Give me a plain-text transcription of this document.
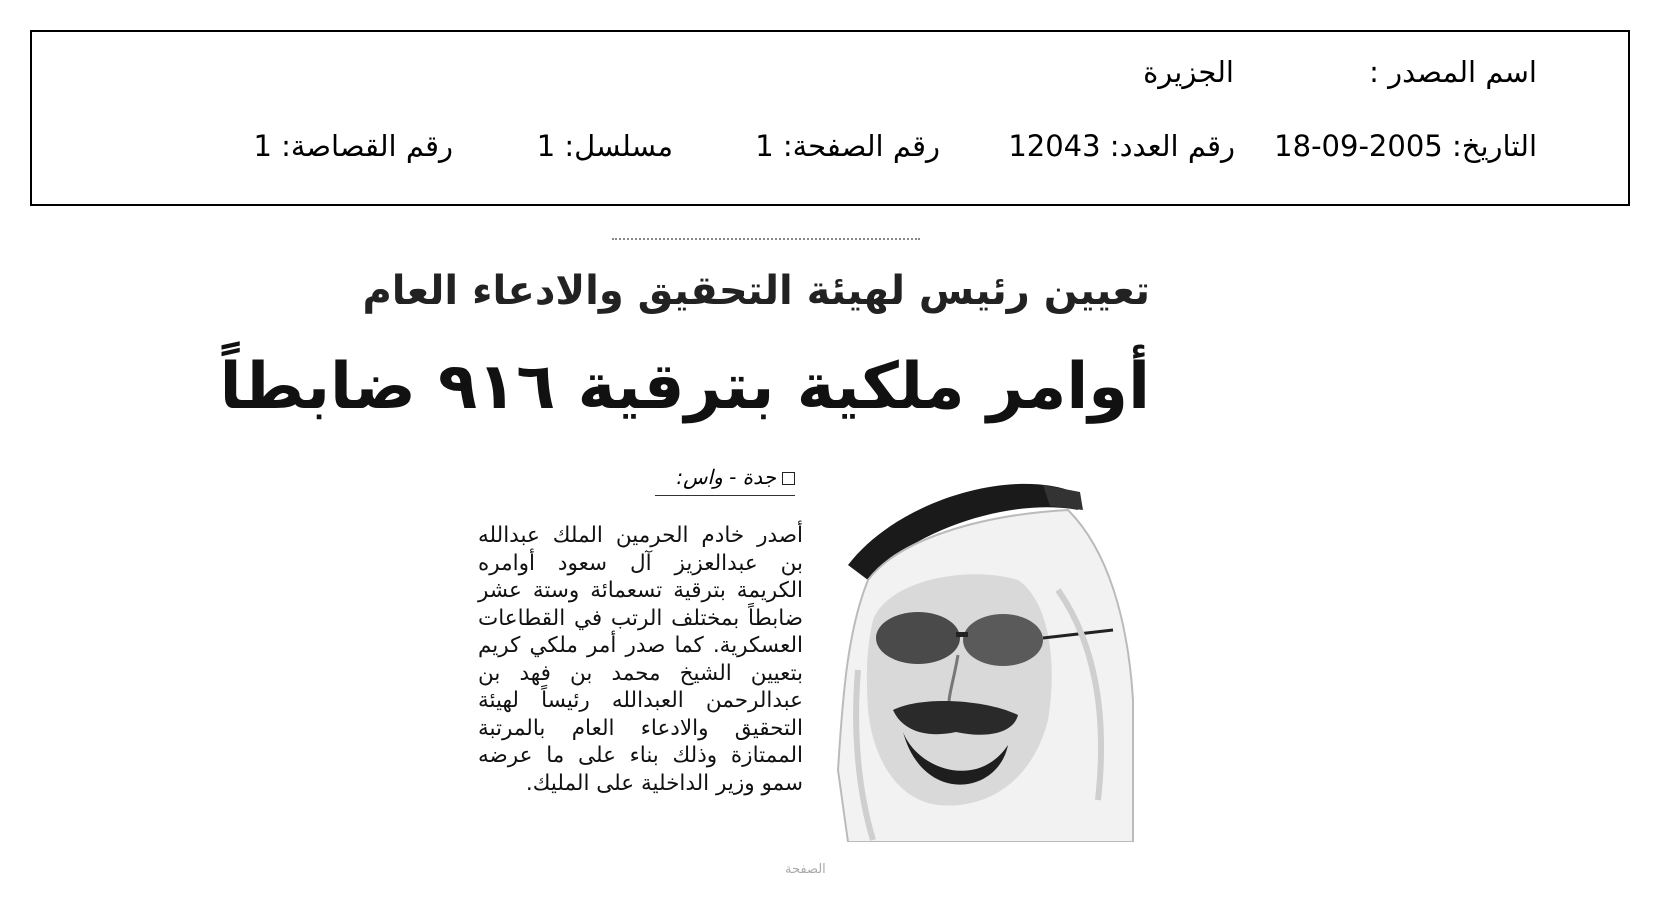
اسم المصدر :
الجزيرة
التاريخ: 2005-09-18
رقم العدد: 12043
رقم الصفحة: 1
مسلسل: 1
رقم القصاصة: 1
تعيين رئيس لهيئة التحقيق والادعاء العام
أوامر ملكية بترقية ٩١٦ ضابطاً
جدة - واس:
أصدر خادم الحرمين الملك عبدالله بن عبدالعزيز آل سعود أوامره الكريمة بترقية تسعمائة وستة عشر ضابطاً بمختلف الرتب في القطاعات العسكرية. كما صدر أمر ملكي كريم بتعيين الشيخ محمد بن فهد بن عبدالرحمن العبدالله رئيساً لهيئة التحقيق والادعاء العام بالمرتبة الممتازة وذلك بناء على ما عرضه سمو وزير الداخلية على المليك.
ﺍﻟﺼﻔﺤﺔ
